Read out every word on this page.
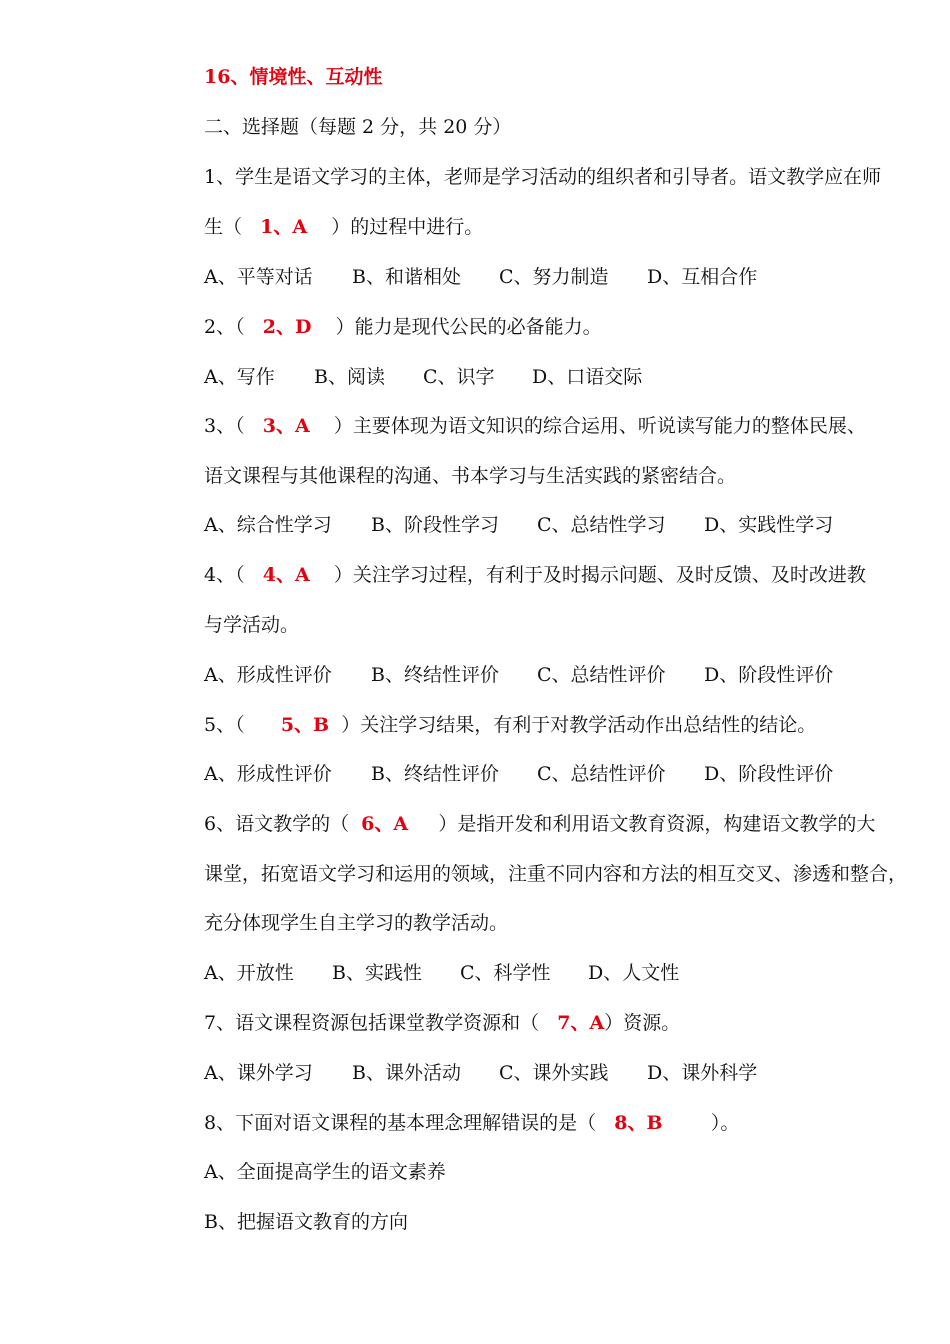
16、情境性、互动性
二、选择题（每题 2 分，共 20 分）
1、学生是语文学习的主体，老师是学习活动的组织者和引导者。语文教学应在师
生（   1、A    ）的过程中进行。

A、平等对话

B、和谐相处

C、努力制造

D、互相合作

2、（   2、D    ）能力是现代公民的必备能力。

A、写作

B、阅读

C、识字

D、口语交际

3、（   3、A    ）主要体现为语文知识的综合运用、听说读写能力的整体民展、
语文课程与其他课程的沟通、书本学习与生活实践的紧密结合。

A、综合性学习

B、阶段性学习

C、总结性学习

D、实践性学习

4、（   4、A    ）关注学习过程，有利于及时揭示问题、及时反馈、及时改进教
与学活动。

A、形成性评价

B、终结性评价

C、总结性评价

D、阶段性评价

5、（      5、B  ）关注学习结果，有利于对教学活动作出总结性的结论。

A、形成性评价

B、终结性评价

C、总结性评价

D、阶段性评价

6、语文教学的（  6、A     ）是指开发和利用语文教育资源，构建语文教学的大
课堂，拓宽语文学习和运用的领域，注重不同内容和方法的相互交叉、渗透和整合，
充分体现学生自主学习的教学活动。

A、开放性

B、实践性

C、科学性

D、人文性

7、语文课程资源包括课堂教学资源和（   7、A）资源。

A、课外学习

B、课外活动

C、课外实践

D、课外科学

8、下面对语文课程的基本理念理解错误的是（   8、B        ）。
A、全面提高学生的语文素养
B、把握语文教育的方向
